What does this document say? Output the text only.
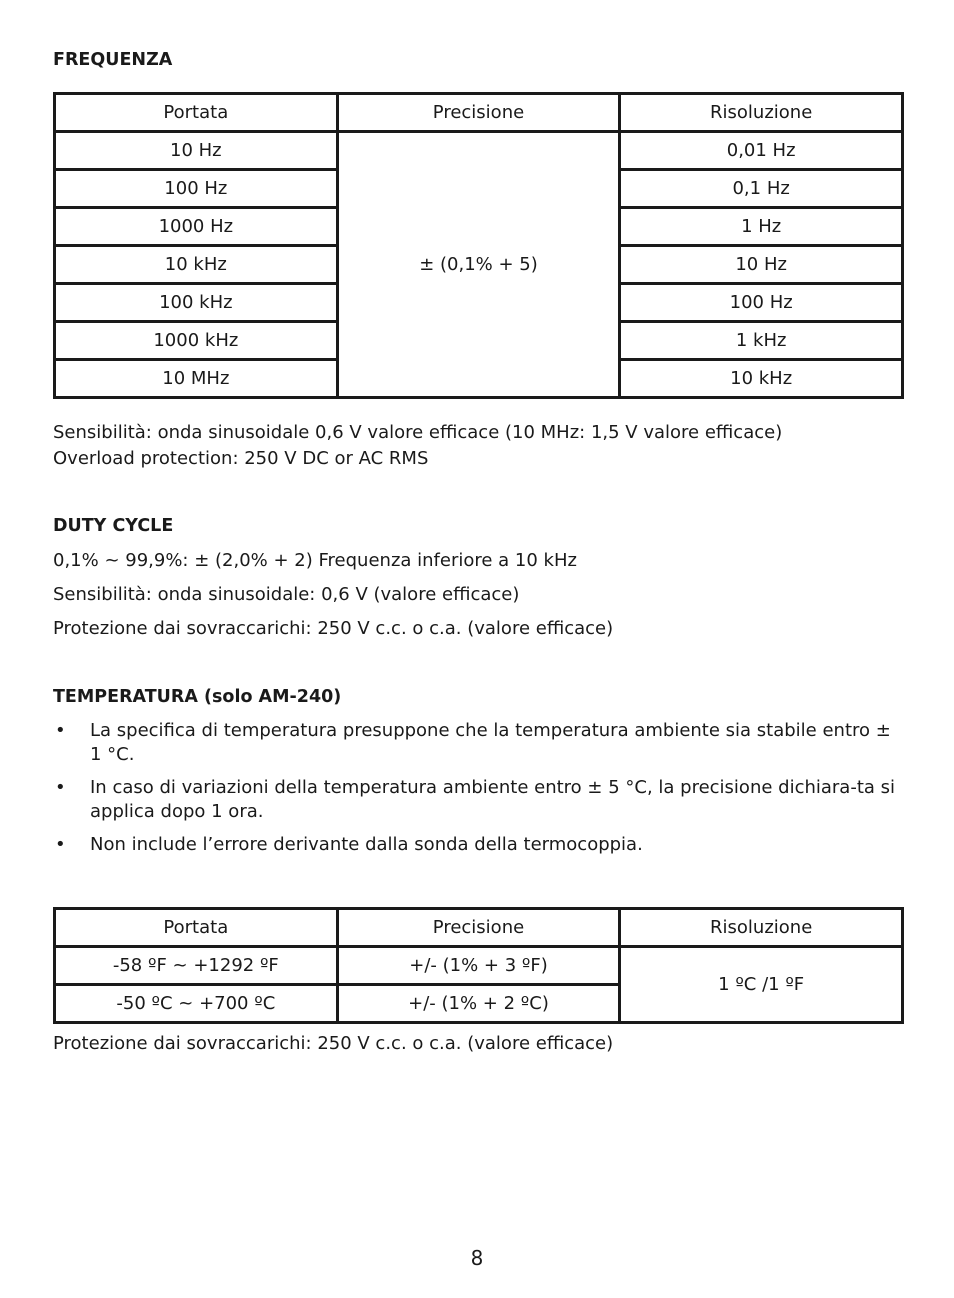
FREQUENZA
Portata	Precisione	Risoluzione
10 Hz	± (0,1% + 5)	0,01 Hz
100 Hz		0,1 Hz
1000 Hz		1 Hz
10 kHz		10 Hz
100 kHz		100 Hz
1000 kHz		1 kHz
10 MHz		10 kHz
Sensibilità: onda sinusoidale 0,6 V valore efficace (10 MHz: 1,5 V valore efficace)
Overload protection: 250 V DC or AC RMS
DUTY CYCLE
0,1% ~ 99,9%: ± (2,0% + 2) Frequenza inferiore a 10 kHz
Sensibilità: onda sinusoidale: 0,6 V (valore efficace)
Protezione dai sovraccarichi: 250 V c.c. o c.a. (valore efficace)
TEMPERATURA (solo AM-240)
• La specifica di temperatura presuppone che la temperatura ambiente sia stabile entro ± 1 °C.
• In caso di variazioni della temperatura ambiente entro ± 5 °C, la precisione dichiara-ta si applica dopo 1 ora.
• Non include l’errore derivante dalla sonda della termocoppia.
Portata	Precisione	Risoluzione
-58 ºF ~ +1292 ºF	+/- (1% + 3 ºF)	1 ºC /1 ºF
-50 ºC ~ +700 ºC	+/- (1% + 2 ºC)	
Protezione dai sovraccarichi: 250 V c.c. o c.a. (valore efficace)
8
